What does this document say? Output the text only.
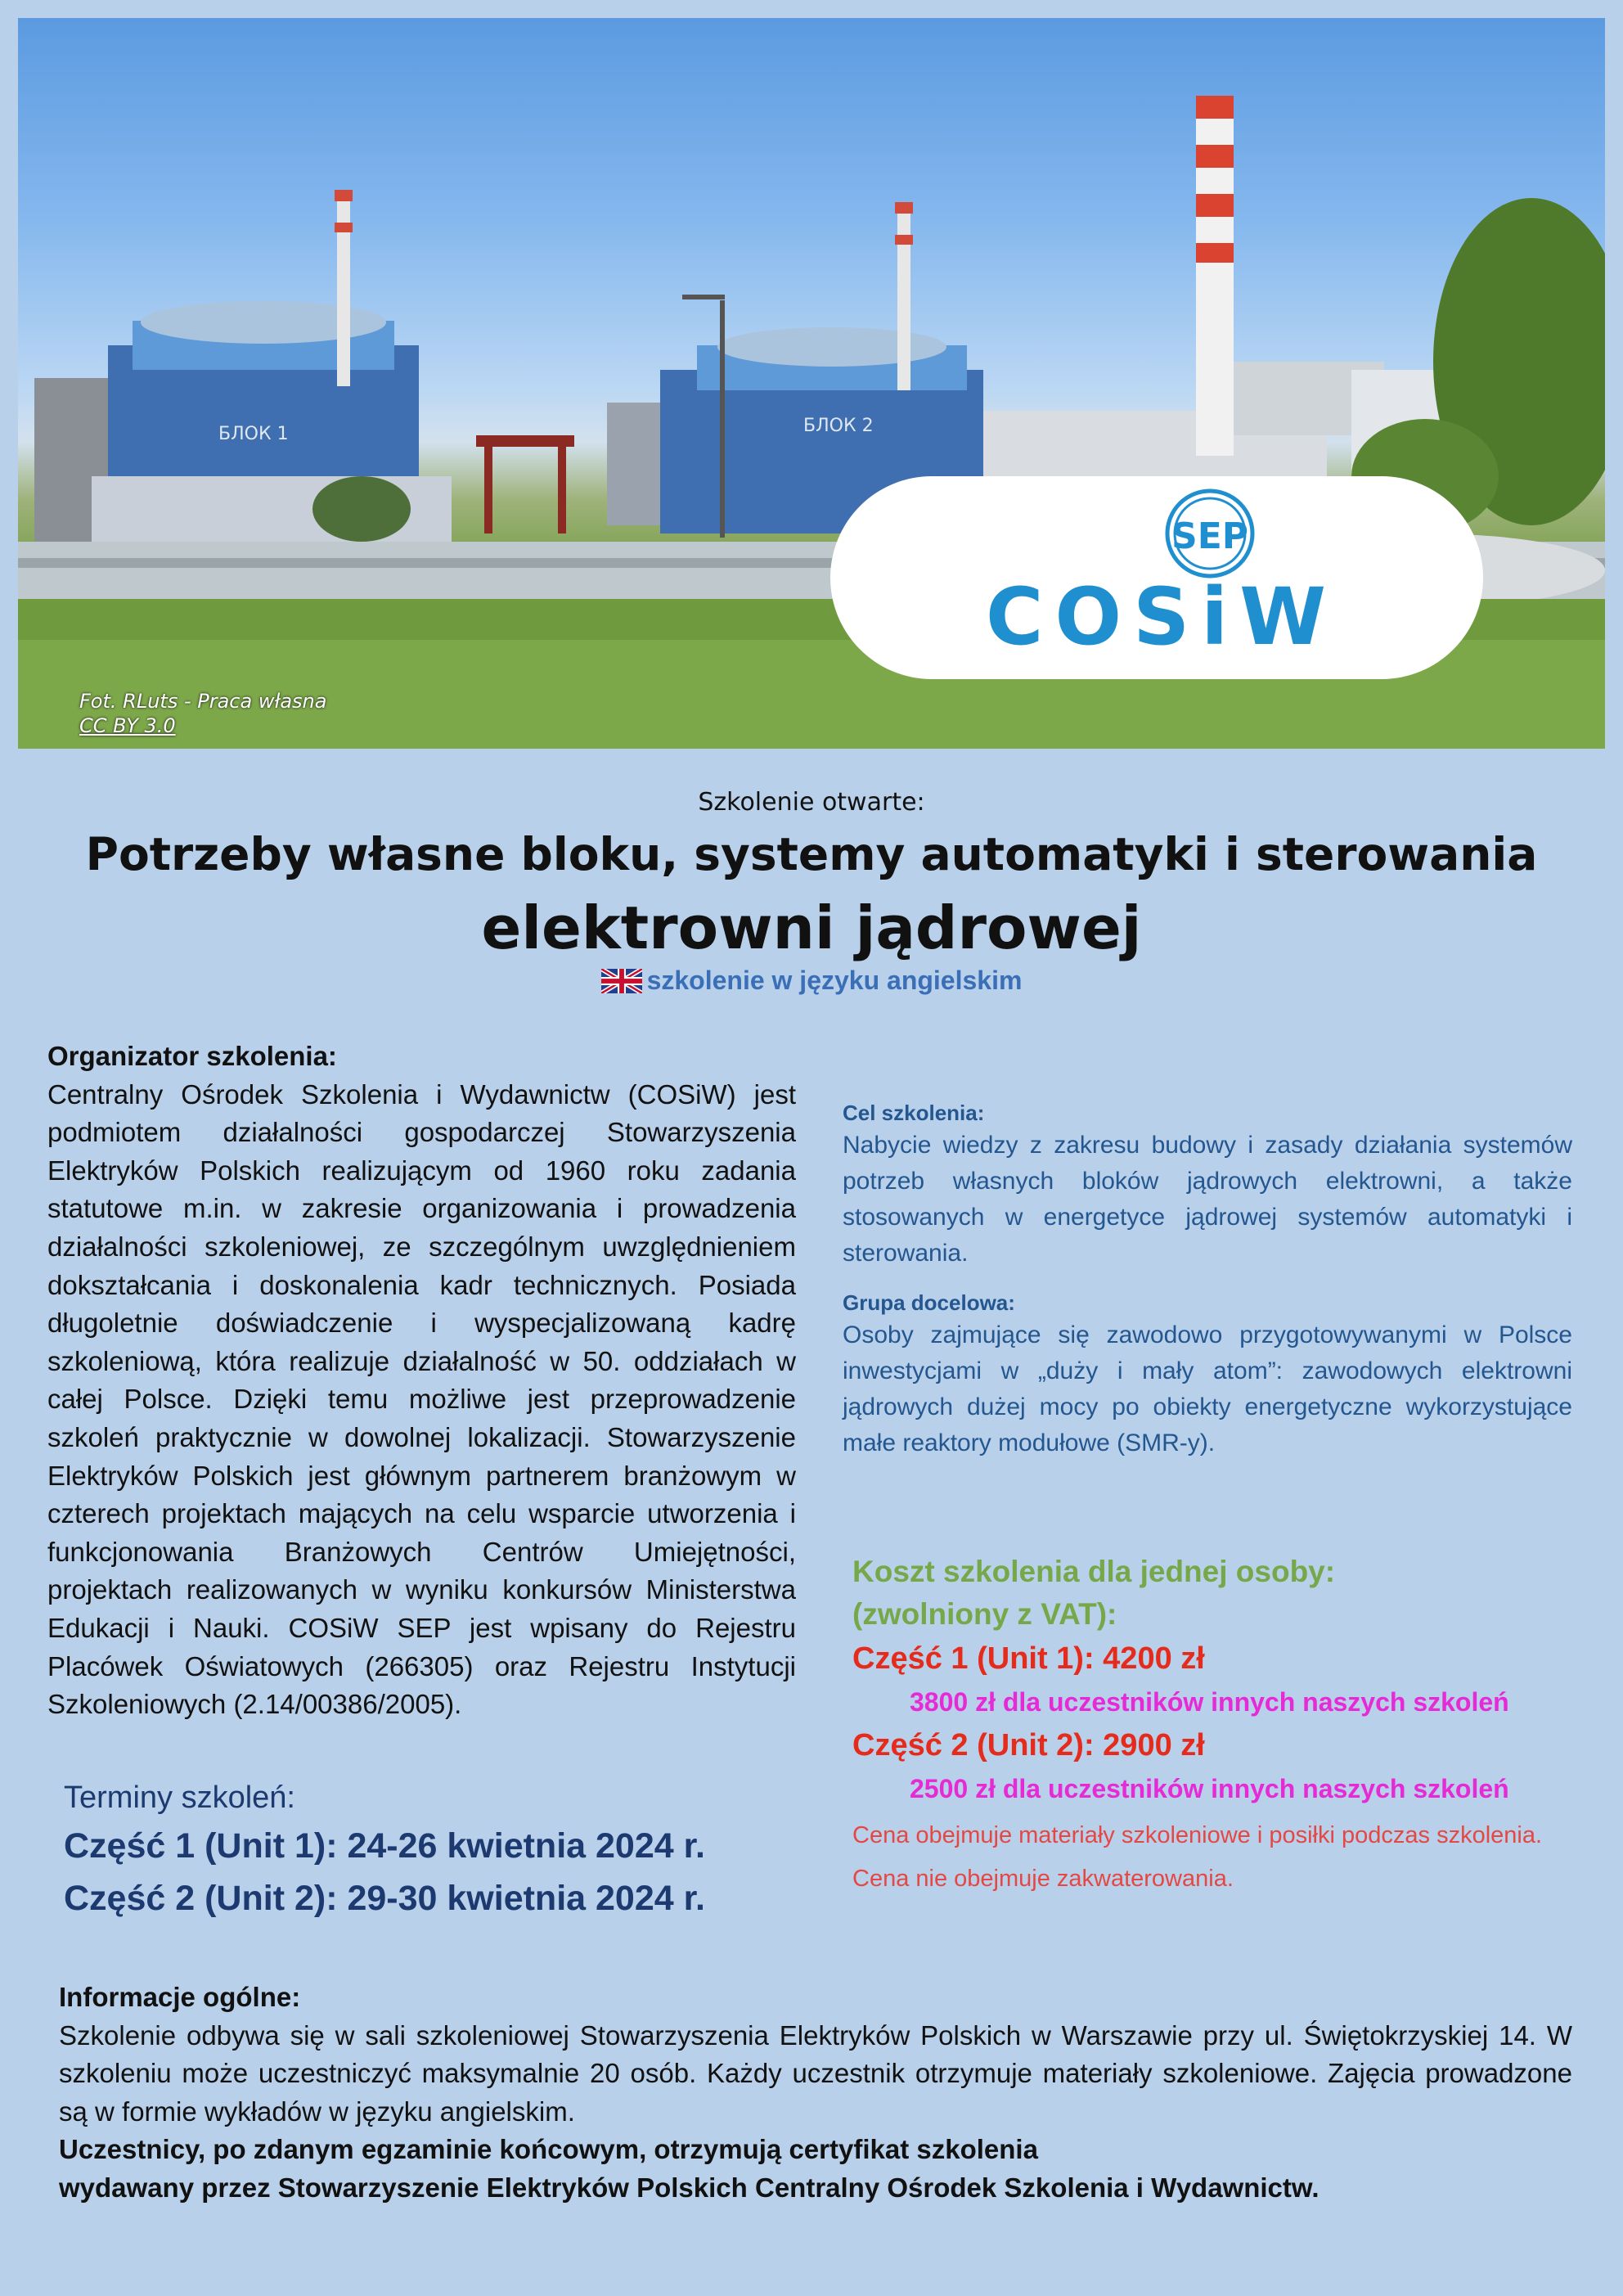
БЛОК 1	БЛОК 2
Fot. RLuts - Praca własna
CC BY 3.0
SEP
COSiW
Szkolenie otwarte:
Potrzeby własne bloku, systemy automatyki i sterowania
elektrowni jądrowej
szkolenie w języku angielskim
Organizator szkolenia:
Centralny Ośrodek Szkolenia i Wydawnictw (COSiW) jest podmiotem działalności gospodarczej Stowarzyszenia Elektryków Polskich realizującym od 1960 roku zadania statutowe m.in. w zakresie organizowania i prowadzenia działalności szkoleniowej, ze szczególnym uwzględnieniem dokształcania i doskonalenia kadr technicznych. Posiada długoletnie doświadczenie i wyspecjalizowaną kadrę szkoleniową, która realizuje działalność w 50. oddziałach w całej Polsce. Dzięki temu możliwe jest przeprowadzenie szkoleń praktycznie w dowolnej lokalizacji. Stowarzyszenie Elektryków Polskich jest głównym partnerem branżowym w czterech projektach mających na celu wsparcie utworzenia i funkcjonowania Branżowych Centrów Umiejętności, projektach realizowanych w wyniku konkursów Ministerstwa Edukacji i Nauki. COSiW SEP jest wpisany do Rejestru Placówek Oświatowych (266305) oraz Rejestru Instytucji Szkoleniowych (2.14/00386/2005).
Cel szkolenia:
Nabycie wiedzy z zakresu budowy i zasady działania systemów potrzeb własnych bloków jądrowych elektrowni, a także stosowanych w energetyce jądrowej systemów automatyki i sterowania.
Grupa docelowa:
Osoby zajmujące się zawodowo przygotowywanymi w Polsce inwestycjami w „duży i mały atom”: zawodowych elektrowni jądrowych dużej mocy po obiekty energetyczne wykorzystujące małe reaktory modułowe (SMR-y).
Koszt szkolenia dla jednej osoby:
(zwolniony z VAT):
Część 1 (Unit 1): 4200 zł
3800 zł dla uczestników innych naszych szkoleń
Część 2 (Unit 2): 2900 zł
2500 zł dla uczestników innych naszych szkoleń
Cena obejmuje materiały szkoleniowe i posiłki podczas szkolenia.
Cena nie obejmuje zakwaterowania.
Terminy szkoleń:
Część 1 (Unit 1): 24-26 kwietnia 2024 r.
Część 2 (Unit 2): 29-30 kwietnia 2024 r.
Informacje ogólne:
Szkolenie odbywa się w sali szkoleniowej Stowarzyszenia Elektryków Polskich w Warszawie przy ul. Świętokrzyskiej 14. W szkoleniu może uczestniczyć maksymalnie 20 osób. Każdy uczestnik otrzymuje materiały szkoleniowe. Zajęcia prowadzone są w formie wykładów w języku angielskim.
Uczestnicy, po zdanym egzaminie końcowym, otrzymują certyfikat szkolenia
wydawany przez Stowarzyszenie Elektryków Polskich Centralny Ośrodek Szkolenia i Wydawnictw.
